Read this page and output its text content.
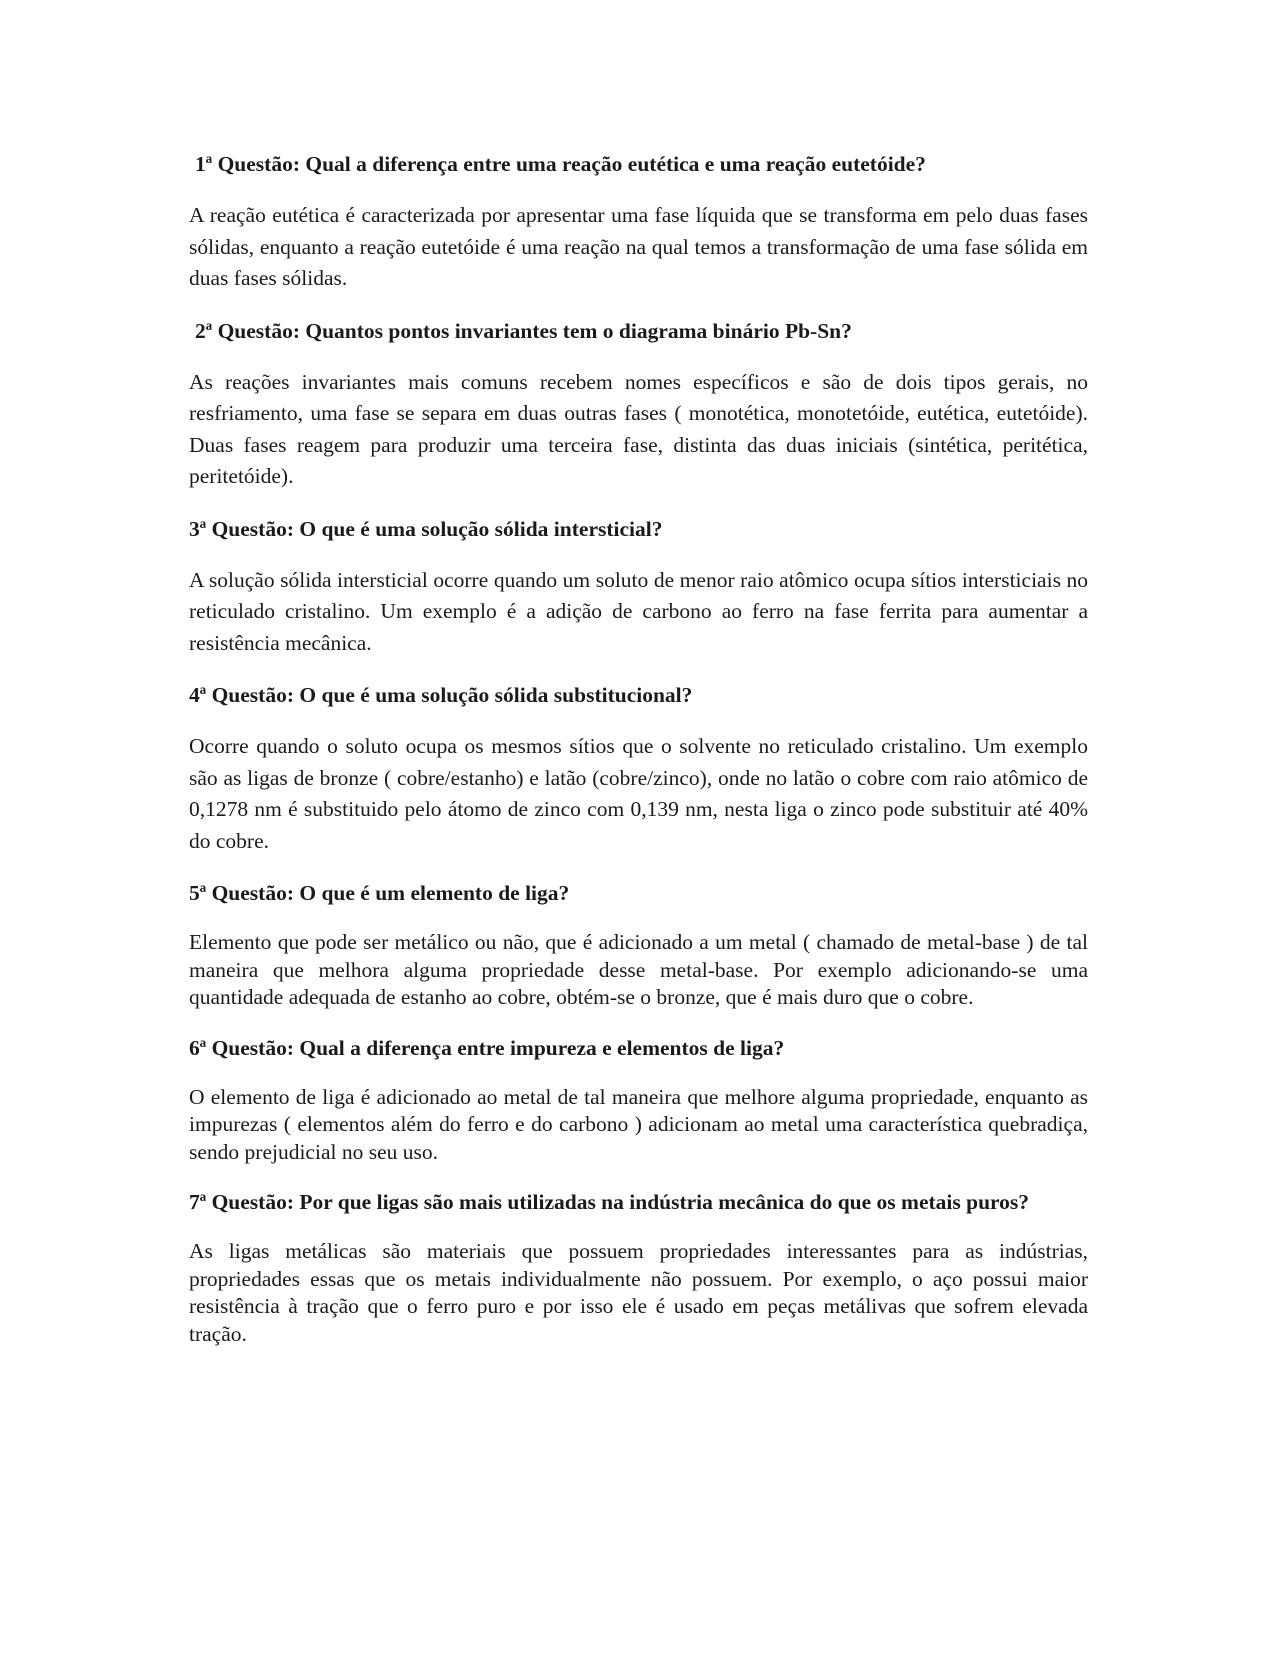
1ª Questão: Qual a diferença entre uma reação eutética e uma reação eutetóide?

A reação eutética é caracterizada por apresentar uma fase líquida que se transforma em pelo duas fases sólidas, enquanto a reação eutetóide é uma reação na qual temos a transformação de uma fase sólida em duas fases sólidas.

2ª Questão: Quantos pontos invariantes tem o diagrama binário Pb-Sn?

As reações invariantes mais comuns recebem nomes específicos e são de dois tipos gerais, no resfriamento, uma fase se separa em duas outras fases ( monotética, monotetóide, eutética, eutetóide). Duas fases reagem para produzir uma terceira fase, distinta das duas iniciais (sintética, peritética, peritetóide).

3ª Questão: O que é uma solução sólida intersticial?

A solução sólida intersticial ocorre quando um soluto de menor raio atômico ocupa sítios intersticiais no reticulado cristalino. Um exemplo é a adição de carbono ao ferro na fase ferrita para aumentar a resistência mecânica.

4ª Questão: O que é uma solução sólida substitucional?

Ocorre quando o soluto ocupa os mesmos sítios que o solvente no reticulado cristalino. Um exemplo são as ligas de bronze ( cobre/estanho) e latão (cobre/zinco), onde no latão o cobre com raio atômico de 0,1278 nm é substituido pelo átomo de zinco com 0,139 nm, nesta liga o zinco pode substituir até 40% do cobre.

5ª Questão: O que é um elemento de liga?

Elemento que pode ser metálico ou não, que é adicionado a um metal ( chamado de metal-base ) de tal maneira que melhora alguma propriedade desse metal-base. Por exemplo adicionando-se uma quantidade adequada de estanho ao cobre, obtém-se o bronze, que é mais duro que o cobre.

6ª Questão: Qual a diferença entre impureza e elementos de liga?

O elemento de liga é adicionado ao metal de tal maneira que melhore alguma propriedade, enquanto as impurezas ( elementos além do ferro e do carbono ) adicionam ao metal uma característica quebradiça, sendo prejudicial no seu uso.

7ª Questão: Por que ligas são mais utilizadas na indústria mecânica do que os metais puros?

As ligas metálicas são materiais que possuem propriedades interessantes para as indústrias, propriedades essas que os metais individualmente não possuem. Por exemplo, o aço possui maior resistência à tração que o ferro puro e por isso ele é usado em peças metálivas que sofrem elevada tração.
